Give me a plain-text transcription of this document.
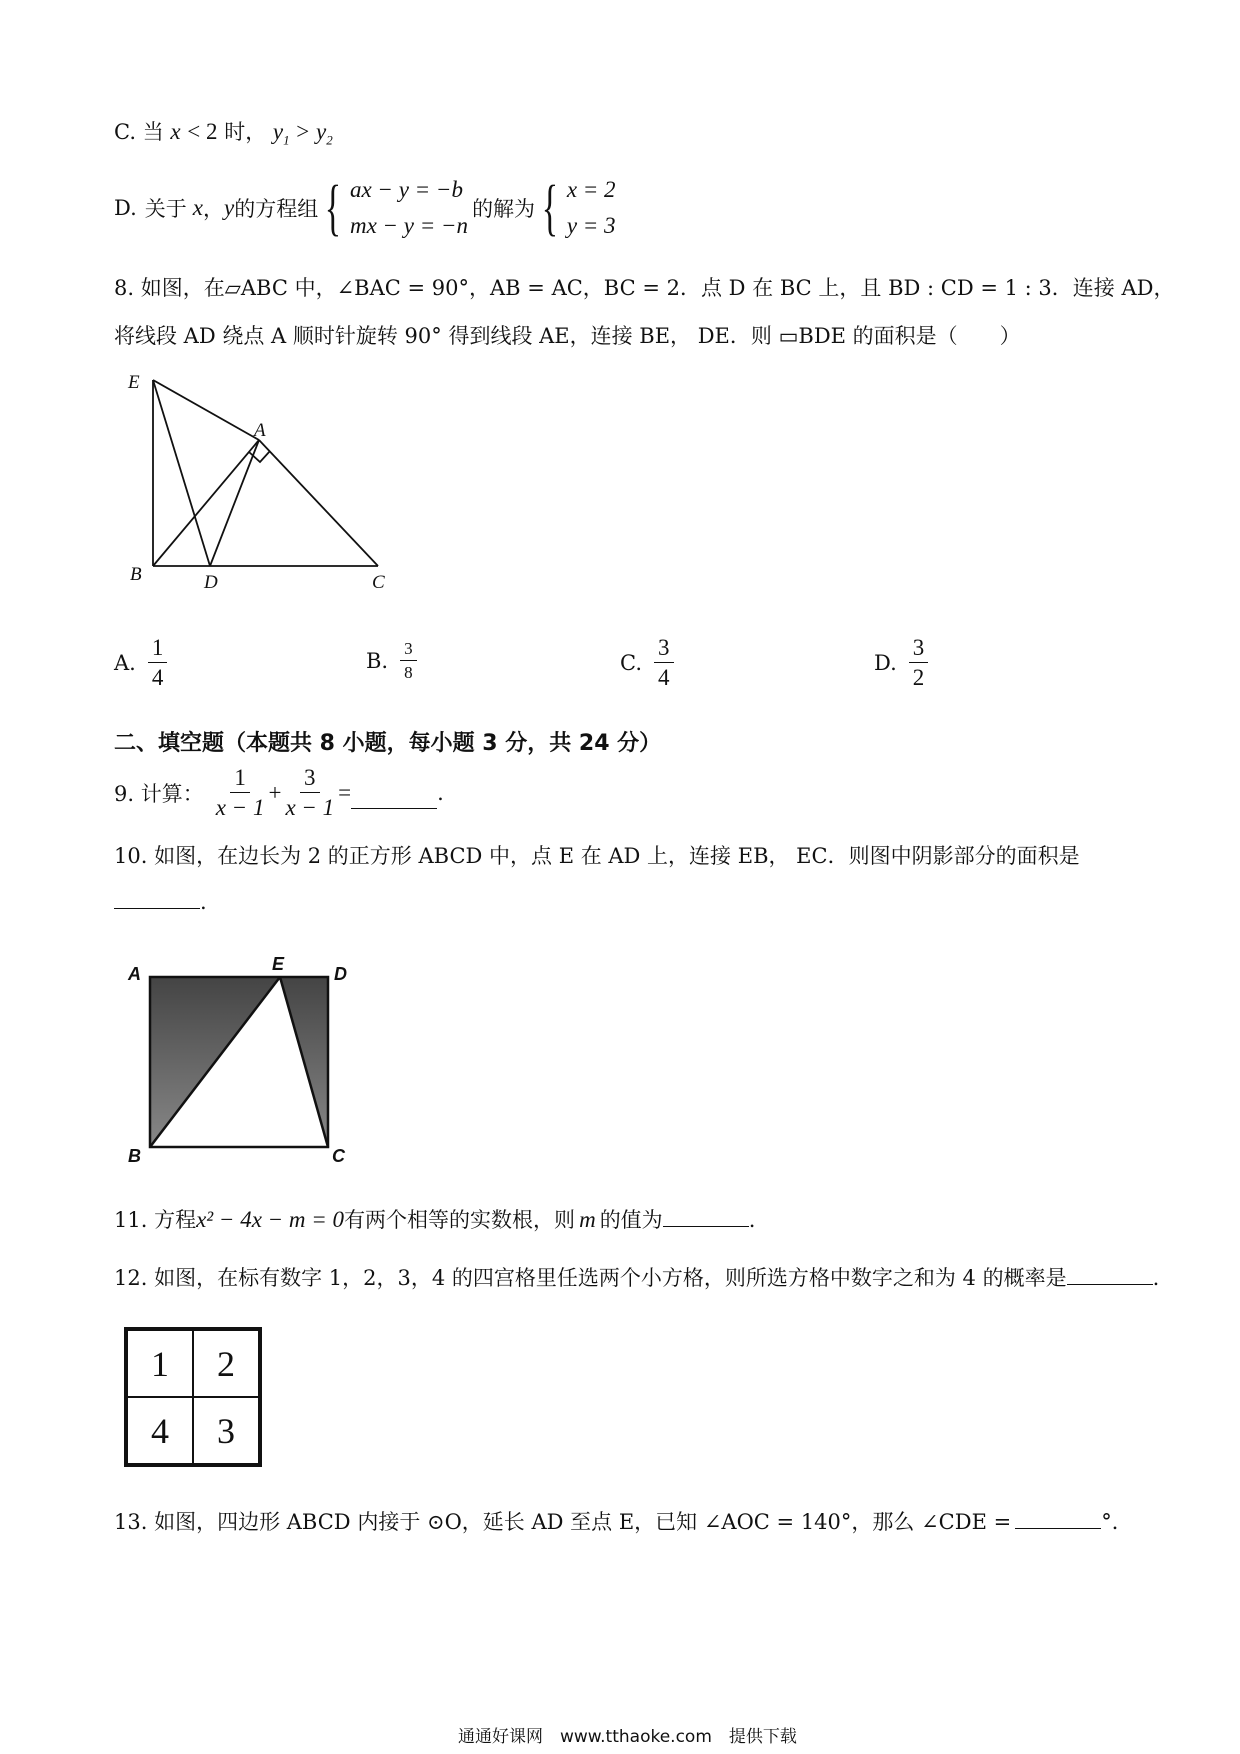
C. 当 x < 2 时， $y_1 > y_2$
D. 关于 x ， y 的方程组 { ax − y = −b
mx − y = −n
的解为 { x = 2
y = 3
8. 如图，在▱ABC 中，∠BAC = 90°，AB = AC，BC = 2．点 D 在 BC 上，且 BD : CD = 1 : 3．连接 AD，
将线段 AD 绕点 A 顺时针旋转 90° 得到线段 AE，连接 BE， DE．则 ▭BDE 的面积是（　　）
E
A
B	D	C
A. $\frac{1}{4}$	B. $\frac{3}{8}$	C. $\frac{3}{4}$	D. $\frac{3}{2}$
二、填空题（本题共 8 小题，每小题 3 分，共 24 分）
9. 计算： $\frac{1}{x - 1} + \frac{3}{x - 1}$ =	.
10. 如图，在边长为 2 的正方形 ABCD 中，点 E 在 AD 上，连接 EB， EC．则图中阴影部分的面积是
.
A	E	D
B	C
11. 方程 x² − 4x − m = 0 有两个相等的实数根，则 m 的值为	.
12. 如图，在标有数字 1，2，3，4 的四宫格里任选两个小方格，则所选方格中数字之和为 4 的概率是	.
1	2
4	3
13. 如图，四边形 ABCD 内接于 ⊙O，延长 AD 至点 E，已知 ∠AOC = 140°，那么 ∠CDE =	°．
通通好课网　www.tthaoke.com　提供下载
